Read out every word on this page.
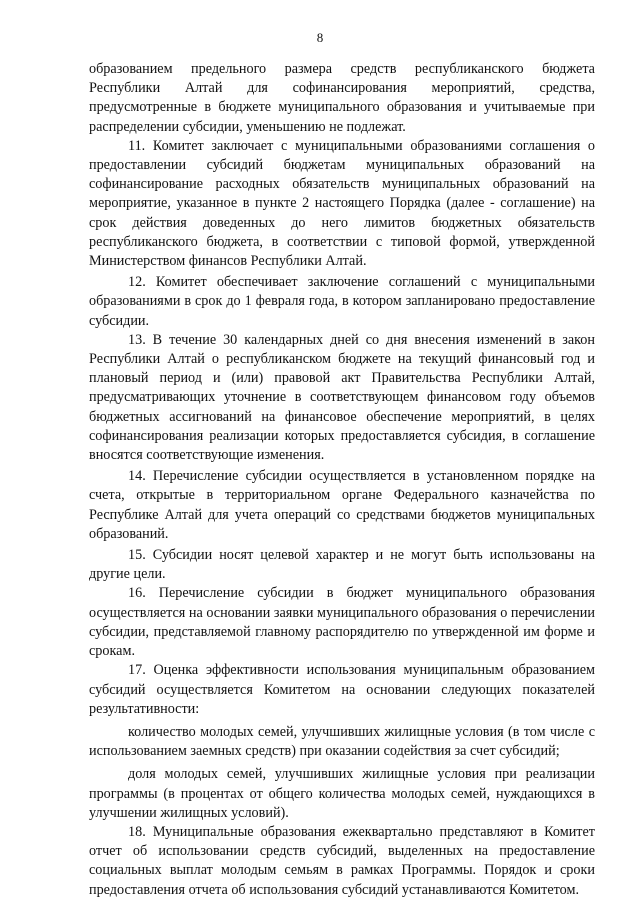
8

образованием предельного размера средств республиканского бюджета Республики Алтай для софинансирования мероприятий, средства, предусмотренные в бюджете муниципального образования и учитываемые при распределении субсидии, уменьшению не подлежат.

11. Комитет заключает с муниципальными образованиями соглашения о предоставлении субсидий бюджетам муниципальных образований на софинансирование расходных обязательств муниципальных образований на мероприятие, указанное в пункте 2 настоящего Порядка (далее - соглашение) на срок действия доведенных до него лимитов бюджетных обязательств республиканского бюджета, в соответствии с типовой формой, утвержденной Министерством финансов Республики Алтай.

12. Комитет обеспечивает заключение соглашений с муниципальными образованиями в срок до 1 февраля года, в котором запланировано предоставление субсидии.

13. В течение 30 календарных дней со дня внесения изменений в закон Республики Алтай о республиканском бюджете на текущий финансовый год и плановый период и (или) правовой акт Правительства Республики Алтай, предусматривающих уточнение в соответствующем финансовом году объемов бюджетных ассигнований на финансовое обеспечение мероприятий, в целях софинансирования реализации которых предоставляется субсидия, в соглашение вносятся соответствующие изменения.

14. Перечисление субсидии осуществляется в установленном порядке на счета, открытые в территориальном органе Федерального казначейства по Республике Алтай для учета операций со средствами бюджетов муниципальных образований.

15. Субсидии носят целевой характер и не могут быть использованы на другие цели.

16. Перечисление субсидии в бюджет муниципального образования осуществляется на основании заявки муниципального образования о перечислении субсидии, представляемой главному распорядителю по утвержденной им форме и срокам.

17. Оценка эффективности использования муниципальным образованием субсидий осуществляется Комитетом на основании следующих показателей результативности:

количество молодых семей, улучшивших жилищные условия (в том числе с использованием заемных средств) при оказании содействия за счет субсидий;

доля молодых семей, улучшивших жилищные условия при реализации программы (в процентах от общего количества молодых семей, нуждающихся в улучшении жилищных условий).

18. Муниципальные образования ежеквартально представляют в Комитет отчет об использовании средств субсидий, выделенных на предоставление социальных выплат молодым семьям в рамках Программы. Порядок и сроки предоставления отчета об использования субсидий устанавливаются Комитетом.
